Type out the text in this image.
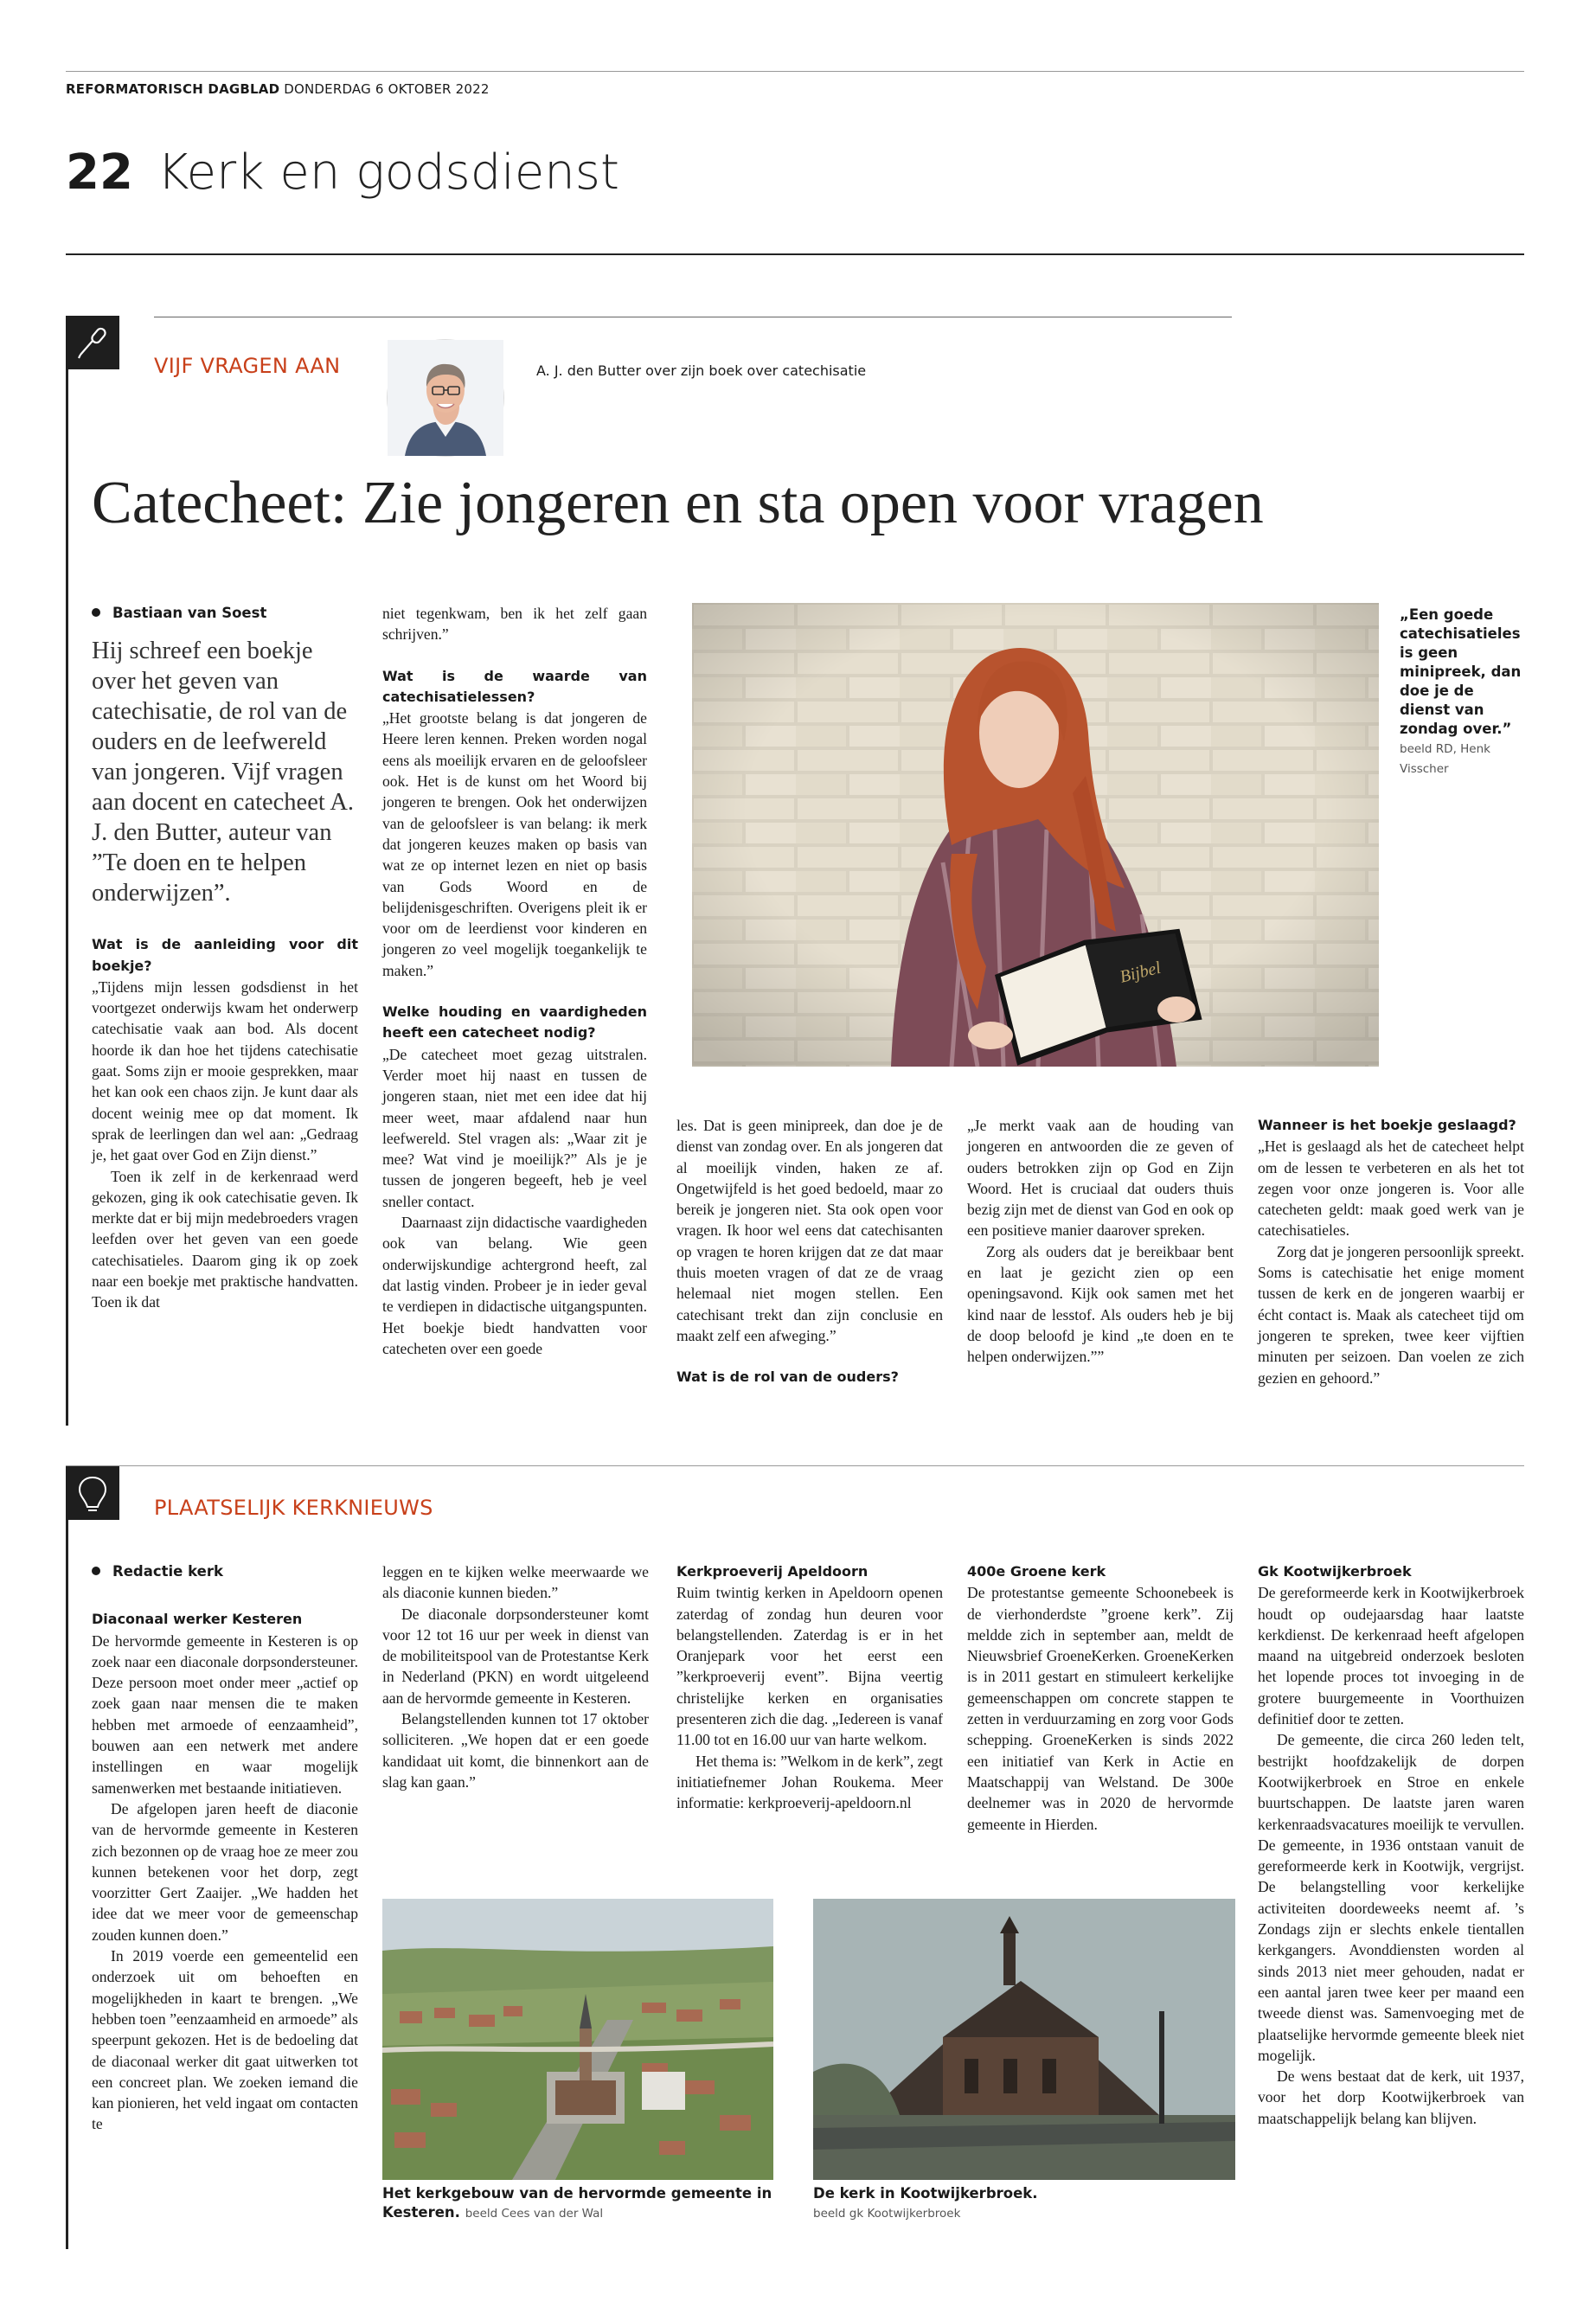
REFORMATORISCH DAGBLAD DONDERDAG 6 OKTOBER 2022
22 Kerk en godsdienst
VIJF VRAGEN AAN	A. J. den Butter over zijn boek over catechisatie
Catecheet: Zie jongeren en sta open voor vragen
Bastiaan van Soest

Hij schreef een boekje over het geven van catechisatie, de rol van de ouders en de leefwereld van jongeren. Vijf vragen aan docent en catecheet A. J. den Butter, auteur van ”Te doen en te helpen onderwijzen”.

Wat is de aanleiding voor dit boekje?

„Tijdens mijn lessen godsdienst in het voortgezet onderwijs kwam het onderwerp catechisatie vaak aan bod. Als docent hoorde ik dan hoe het tijdens catechisatie gaat. Soms zijn er mooie gesprekken, maar het kan ook een chaos zijn. Je kunt daar als docent weinig mee op dat moment. Ik sprak de leerlingen dan wel aan: „Gedraag je, het gaat over God en Zijn dienst.”

Toen ik zelf in de kerkenraad werd gekozen, ging ik ook catechisatie geven. Ik merkte dat er bij mijn medebroeders vragen leefden over het geven van een goede catechisatieles. Daarom ging ik op zoek naar een boekje met praktische handvatten. Toen ik dat

niet tegenkwam, ben ik het zelf gaan schrijven.”

Wat is de waarde van catechisatielessen?

„Het grootste belang is dat jongeren de Heere leren kennen. Preken worden nogal eens als moeilijk ervaren en de geloofsleer ook. Het is de kunst om het Woord bij jongeren te brengen. Ook het onderwijzen van de geloofsleer is van belang: ik merk dat jongeren keuzes maken op basis van wat ze op internet lezen en niet op basis van Gods Woord en de belijdenisgeschriften. Overigens pleit ik er voor om de leerdienst voor kinderen en jongeren zo veel mogelijk toegankelijk te maken.”

Welke houding en vaardigheden heeft een catecheet nodig?

„De catecheet moet gezag uitstralen. Verder moet hij naast en tussen de jongeren staan, niet met een idee dat hij meer weet, maar afdalend naar hun leefwereld. Stel vragen als: „Waar zit je mee? Wat vind je moeilijk?” Als je je tussen de jongeren begeeft, heb je veel sneller contact.

Daarnaast zijn didactische vaardigheden ook van belang. Wie geen onderwijskundige achtergrond heeft, zal dat lastig vinden. Probeer je in ieder geval te verdiepen in didactische uitgangspunten. Het boekje biedt handvatten voor catecheten over een goede

Bijbel
„Een goede catechisatieles is geen minipreek, dan doe je de dienst van zondag over.” beeld RD, Henk Visscher

les. Dat is geen minipreek, dan doe je de dienst van zondag over. En als jongeren dat al moeilijk vinden, haken ze af. Ongetwijfeld is het goed bedoeld, maar zo bereik je jongeren niet. Sta ook open voor vragen. Ik hoor wel eens dat catechisanten op vragen te horen krijgen dat ze dat maar thuis moeten vragen of dat ze de vraag helemaal niet mogen stellen. Een catechisant trekt dan zijn conclusie en maakt zelf een afweging.”

Wat is de rol van de ouders?

„Je merkt vaak aan de houding van jongeren en antwoorden die ze geven of ouders betrokken zijn op God en Zijn Woord. Het is cruciaal dat ouders thuis bezig zijn met de dienst van God en ook op een positieve manier daarover spreken.

Zorg als ouders dat je bereikbaar bent en laat je gezicht zien op een openingsavond. Kijk ook samen met het kind naar de lesstof. Als ouders heb je bij de doop beloofd je kind „te doen en te helpen onderwijzen.””

Wanneer is het boekje geslaagd?

„Het is geslaagd als het de catecheet helpt om de lessen te verbeteren en als het tot zegen voor onze jongeren is. Voor alle catecheten geldt: maak goed werk van je catechisatieles.

Zorg dat je jongeren persoonlijk spreekt. Soms is catechisatie het enige moment tussen de kerk en de jongeren waarbij er écht contact is. Maak als catecheet tijd om jongeren te spreken, twee keer vijftien minuten per seizoen. Dan voelen ze zich gezien en gehoord.”

PLAATSELIJK KERKNIEUWS
Redactie kerk
Diaconaal werker Kesteren

De hervormde gemeente in Kesteren is op zoek naar een diaconale dorpsondersteuner. Deze persoon moet onder meer „actief op zoek gaan naar mensen die te maken hebben met armoede of eenzaamheid”, bouwen aan een netwerk met andere instellingen en waar mogelijk samenwerken met bestaande initiatieven.

De afgelopen jaren heeft de diaconie van de hervormde gemeente in Kesteren zich bezonnen op de vraag hoe ze meer zou kunnen betekenen voor het dorp, zegt voorzitter Gert Zaaijer. „We hadden het idee dat we meer voor de gemeenschap zouden kunnen doen.”

In 2019 voerde een gemeentelid een onderzoek uit om behoeften en mogelijkheden in kaart te brengen. „We hebben toen ”eenzaamheid en armoede” als speerpunt gekozen. Het is de bedoeling dat de diaconaal werker dit gaat uitwerken tot een concreet plan. We zoeken iemand die kan pionieren, het veld ingaat om contacten te

leggen en te kijken welke meerwaarde we als diaconie kunnen bieden.”

De diaconale dorpsondersteuner komt voor 12 tot 16 uur per week in dienst van de mobiliteitspool van de Protestantse Kerk in Nederland (PKN) en wordt uitgeleend aan de hervormde gemeente in Kesteren.

Belangstellenden kunnen tot 17 oktober solliciteren. „We hopen dat er een goede kandidaat uit komt, die binnenkort aan de slag kan gaan.”

Kerkproeverij Apeldoorn

Ruim twintig kerken in Apeldoorn openen zaterdag of zondag hun deuren voor belangstellenden. Zaterdag is er in het Oranjepark voor het eerst een ”kerkproeverij event”. Bijna veertig christelijke kerken en organisaties presenteren zich die dag. „Iedereen is vanaf 11.00 tot en 16.00 uur van harte welkom.

Het thema is: ”Welkom in de kerk”, zegt initiatiefnemer Johan Roukema. Meer informatie: kerkproeverij-apeldoorn.nl

400e Groene kerk

De protestantse gemeente Schoonebeek is de vierhonderdste ”groene kerk”. Zij meldde zich in september aan, meldt de Nieuwsbrief GroeneKerken. GroeneKerken is in 2011 gestart en stimuleert kerkelijke gemeenschappen om concrete stappen te zetten in verduurzaming en zorg voor Gods schepping. GroeneKerken is sinds 2022 een initiatief van Kerk in Actie en Maatschappij van Welstand. De 300e deelnemer was in 2020 de hervormde gemeente in Hierden.

Gk Kootwijkerbroek

De gereformeerde kerk in Kootwijkerbroek houdt op oudejaarsdag haar laatste kerkdienst. De kerkenraad heeft afgelopen maand na uitgebreid onderzoek besloten het lopende proces tot invoeging in de grotere buurgemeente in Voorthuizen definitief door te zetten.

De gemeente, die circa 260 leden telt, bestrijkt hoofdzakelijk de dorpen Kootwijkerbroek en Stroe en enkele buurtschappen. De laatste jaren waren kerkenraadsvacatures moeilijk te vervullen. De gemeente, in 1936 ontstaan vanuit de gereformeerde kerk in Kootwijk, vergrijst. De belangstelling voor kerkelijke activiteiten doordeweeks neemt af. ’s Zondags zijn er slechts enkele tientallen kerkgangers. Avonddiensten worden al sinds 2013 niet meer gehouden, nadat er een aantal jaren twee keer per maand een tweede dienst was. Samenvoeging met de plaatselijke hervormde gemeente bleek niet mogelijk.

De wens bestaat dat de kerk, uit 1937, voor het dorp Kootwijkerbroek van maatschappelijk belang kan blijven.

Het kerkgebouw van de hervormde gemeente in Kesteren. beeld Cees van der Wal
De kerk in Kootwijkerbroek.
beeld gk Kootwijkerbroek
